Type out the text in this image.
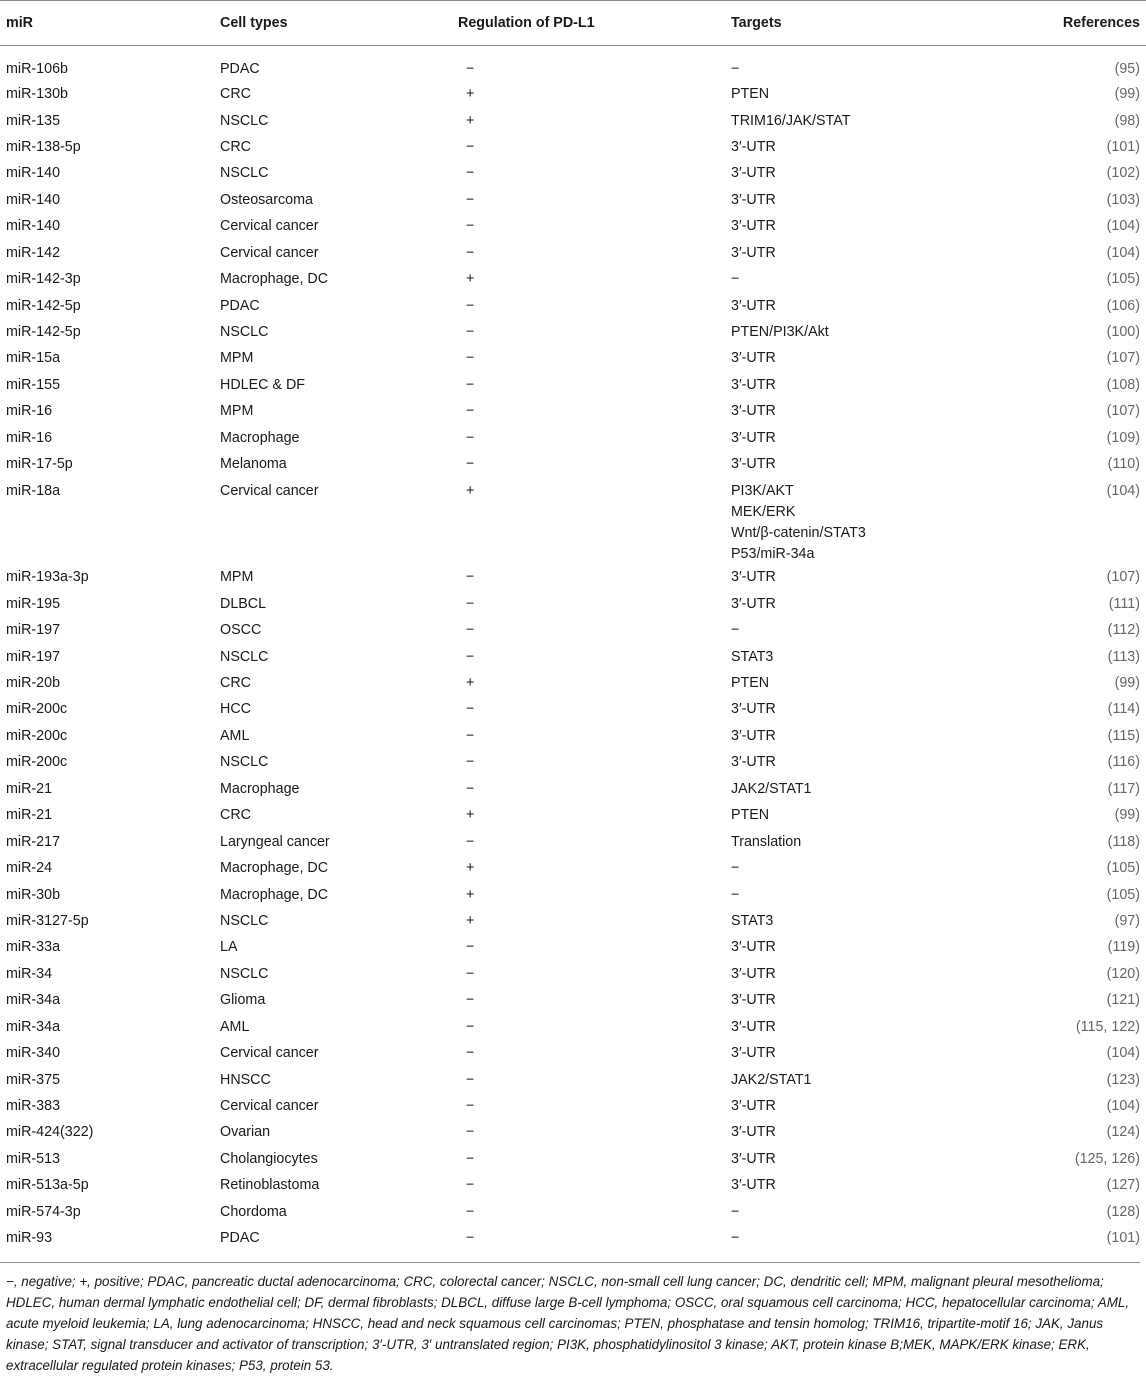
miR	Cell types	Regulation of PD-L1	Targets	References
miR-106b	PDAC	−	−	(95)
miR-130b	CRC	+	PTEN	(99)
miR-135	NSCLC	+	TRIM16/JAK/STAT	(98)
miR-138-5p	CRC	−	3′-UTR	(101)
miR-140	NSCLC	−	3′-UTR	(102)
miR-140	Osteosarcoma	−	3′-UTR	(103)
miR-140	Cervical cancer	−	3′-UTR	(104)
miR-142	Cervical cancer	−	3′-UTR	(104)
miR-142-3p	Macrophage, DC	+	−	(105)
miR-142-5p	PDAC	−	3′-UTR	(106)
miR-142-5p	NSCLC	−	PTEN/PI3K/Akt	(100)
miR-15a	MPM	−	3′-UTR	(107)
miR-155	HDLEC & DF	−	3′-UTR	(108)
miR-16	MPM	−	3′-UTR	(107)
miR-16	Macrophage	−	3′-UTR	(109)
miR-17-5p	Melanoma	−	3′-UTR	(110)
miR-18a	Cervical cancer	+	PI3K/AKT
MEK/ERK
Wnt/β-catenin/STAT3
P53/miR-34a	(104)
miR-193a-3p	MPM	−	3′-UTR	(107)
miR-195	DLBCL	−	3′-UTR	(111)
miR-197	OSCC	−	−	(112)
miR-197	NSCLC	−	STAT3	(113)
miR-20b	CRC	+	PTEN	(99)
miR-200c	HCC	−	3′-UTR	(114)
miR-200c	AML	−	3′-UTR	(115)
miR-200c	NSCLC	−	3′-UTR	(116)
miR-21	Macrophage	−	JAK2/STAT1	(117)
miR-21	CRC	+	PTEN	(99)
miR-217	Laryngeal cancer	−	Translation	(118)
miR-24	Macrophage, DC	+	−	(105)
miR-30b	Macrophage, DC	+	−	(105)
miR-3127-5p	NSCLC	+	STAT3	(97)
miR-33a	LA	−	3′-UTR	(119)
miR-34	NSCLC	−	3′-UTR	(120)
miR-34a	Glioma	−	3′-UTR	(121)
miR-34a	AML	−	3′-UTR	(115, 122)
miR-340	Cervical cancer	−	3′-UTR	(104)
miR-375	HNSCC	−	JAK2/STAT1	(123)
miR-383	Cervical cancer	−	3′-UTR	(104)
miR-424(322)	Ovarian	−	3′-UTR	(124)
miR-513	Cholangiocytes	−	3′-UTR	(125, 126)
miR-513a-5p	Retinoblastoma	−	3′-UTR	(127)
miR-574-3p	Chordoma	−	−	(128)
miR-93	PDAC	−	−	(101)
−, negative; +, positive; PDAC, pancreatic ductal adenocarcinoma; CRC, colorectal cancer; NSCLC, non-small cell lung cancer; DC, dendritic cell; MPM, malignant pleural mesothelioma; HDLEC, human dermal lymphatic endothelial cell; DF, dermal fibroblasts; DLBCL, diffuse large B-cell lymphoma; OSCC, oral squamous cell carcinoma; HCC, hepatocellular carcinoma; AML, acute myeloid leukemia; LA, lung adenocarcinoma; HNSCC, head and neck squamous cell carcinomas; PTEN, phosphatase and tensin homolog; TRIM16, tripartite-motif 16; JAK, Janus kinase; STAT, signal transducer and activator of transcription; 3′-UTR, 3′ untranslated region; PI3K, phosphatidylinositol 3 kinase; AKT, protein kinase B;MEK, MAPK/ERK kinase; ERK, extracellular regulated protein kinases; P53, protein 53.
